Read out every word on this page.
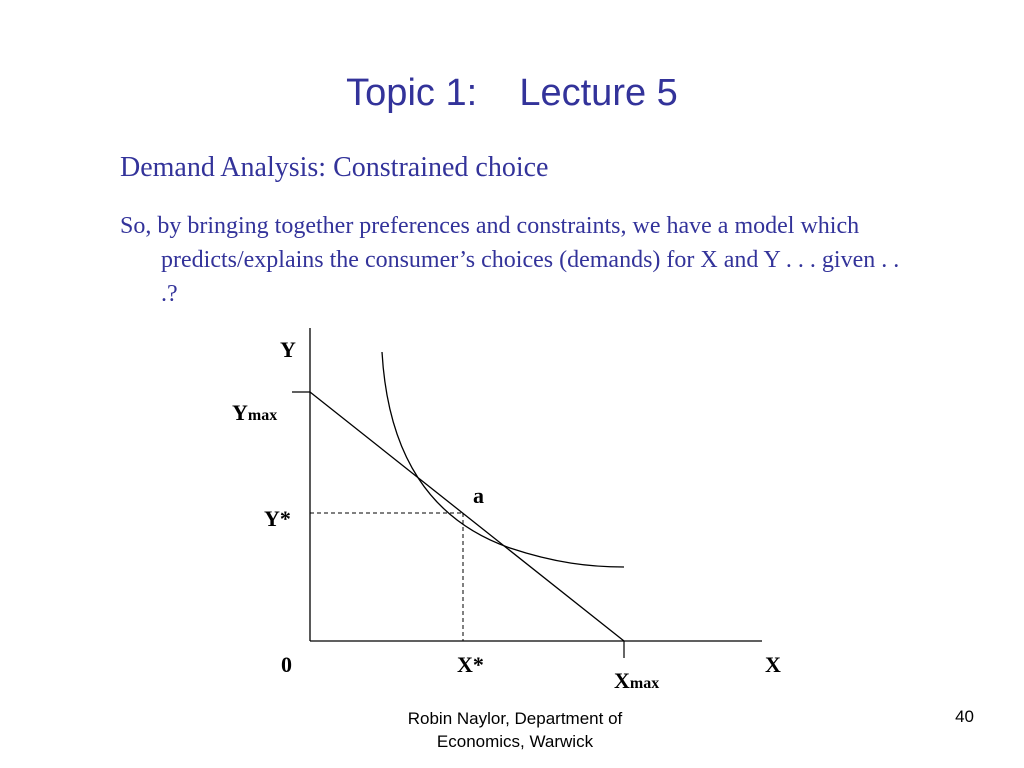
Topic 1:    Lecture 5
Demand Analysis: Constrained choice
So, by bringing together preferences and constraints, we have a model which predicts/explains the consumer’s choices (demands) for X and Y . . . given . . .?
Y
Ymax
a
Y*
0	X*	X
Xmax
Robin Naylor, Department of
Economics, Warwick
40
